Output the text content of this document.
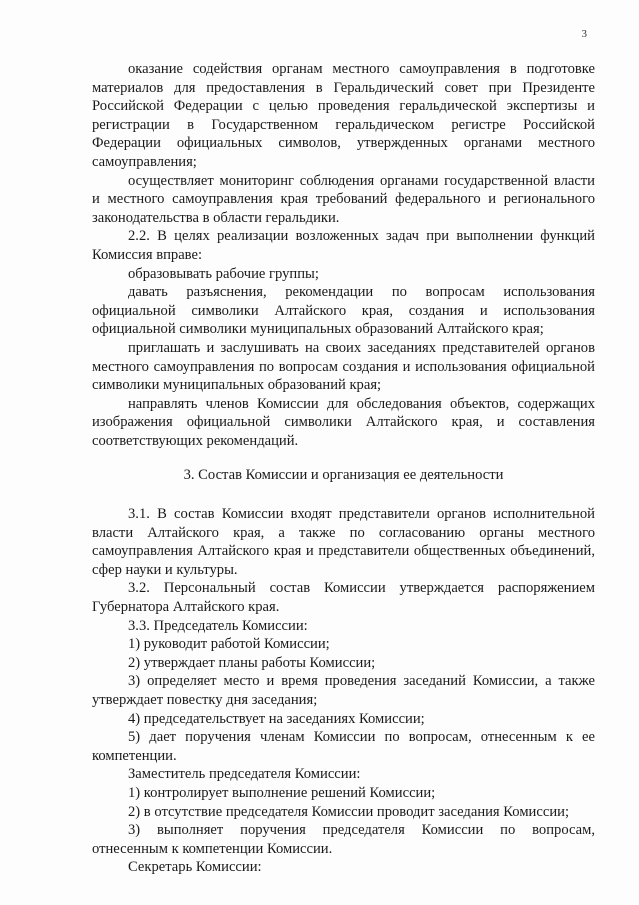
3

оказание содействия органам местного самоуправления в подготовке материалов для предоставления в Геральдический совет при Президенте Российской Федерации с целью проведения геральдической экспертизы и регистрации в Государственном геральдическом регистре Российской Федерации официальных символов, утвержденных органами местного самоуправления;

осуществляет мониторинг соблюдения органами государственной власти и местного самоуправления края требований федерального и регионального законодательства в области геральдики.

2.2. В целях реализации возложенных задач при выполнении функций Комиссия вправе:

образовывать рабочие группы;

давать разъяснения, рекомендации по вопросам использования официальной символики Алтайского края, создания и использования официальной символики муниципальных образований Алтайского края;

приглашать и заслушивать на своих заседаниях представителей органов местного самоуправления по вопросам создания и использования официальной символики муниципальных образований края;

направлять членов Комиссии для обследования объектов, содержащих изображения официальной символики Алтайского края, и составления соответствующих рекомендаций.

3. Состав Комиссии и организация ее деятельности

3.1. В состав Комиссии входят представители органов исполнительной власти Алтайского края, а также по согласованию органы местного самоуправления Алтайского края и представители общественных объединений, сфер науки и культуры.

3.2. Персональный состав Комиссии утверждается распоряжением Губернатора Алтайского края.

3.3. Председатель Комиссии:

1) руководит работой Комиссии;

2) утверждает планы работы Комиссии;

3) определяет место и время проведения заседаний Комиссии, а также утверждает повестку дня заседания;

4) председательствует на заседаниях Комиссии;

5) дает поручения членам Комиссии по вопросам, отнесенным к ее компетенции.

Заместитель председателя Комиссии:

1) контролирует выполнение решений Комиссии;

2) в отсутствие председателя Комиссии проводит заседания Комиссии;

3) выполняет поручения председателя Комиссии по вопросам, отнесенным к компетенции Комиссии.

Секретарь Комиссии:
